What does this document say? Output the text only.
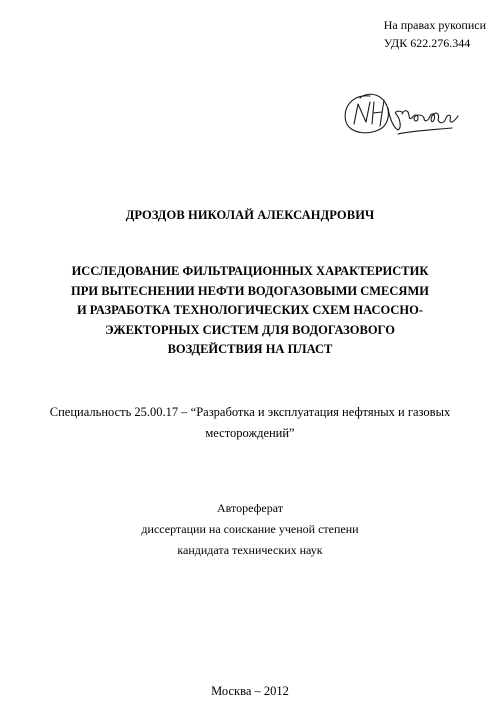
На правах рукописи
УДК 622.276.344
ДРОЗДОВ НИКОЛАЙ АЛЕКСАНДРОВИЧ
ИССЛЕДОВАНИЕ ФИЛЬТРАЦИОННЫХ ХАРАКТЕРИСТИК
ПРИ ВЫТЕСНЕНИИ НЕФТИ ВОДОГАЗОВЫМИ СМЕСЯМИ
И РАЗРАБОТКА ТЕХНОЛОГИЧЕСКИХ СХЕМ НАСОСНО-
ЭЖЕКТОРНЫХ СИСТЕМ ДЛЯ ВОДОГАЗОВОГО
ВОЗДЕЙСТВИЯ НА ПЛАСТ
Специальность 25.00.17 – “Разработка и эксплуатация нефтяных и газовых
месторождений”
Автореферат
диссертации на соискание ученой степени
кандидата технических наук
Москва – 2012
